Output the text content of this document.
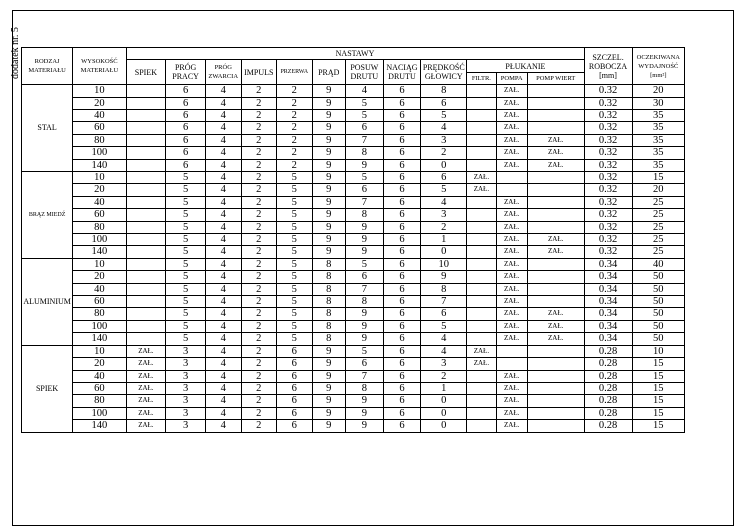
dodatek nr. 5	RODZAJ MATERIAŁU	WYSOKOŚĆ MATERIAŁU	NASTAWY												SZCZEL. ROBOCZA [mm]	OCZEKIWANA WYDAJNOŚĆ [mm²]
		SPIEK	PRÓG PRACY	PRÓG ZWARCIA	IMPULS	PRZERWA	PRĄD	POSUW DRUTU	NACIĄG DRUTU	PRĘDKOŚĆ GŁOWICY	PŁUKANIE				
											FILTR.	POMPA	POMP WIERT		
STAL	10		6	4	2	2	9	4	6	8		ZAŁ.		0.32	20
	20		6	4	2	2	9	5	6	6		ZAŁ.		0.32	30
	40		6	4	2	2	9	5	6	5		ZAŁ.		0.32	35
	60		6	4	2	2	9	6	6	4		ZAŁ.		0.32	35
	80		6	4	2	2	9	7	6	3		ZAŁ.	ZAŁ.	0.32	35
	100		6	4	2	2	9	8	6	2		ZAŁ.	ZAŁ.	0.32	35
	140		6	4	2	2	9	9	6	0		ZAŁ.	ZAŁ.	0.32	35
BRĄZ MIEDŹ	10		5	4	2	5	9	5	6	6	ZAŁ.			0.32	15
	20		5	4	2	5	9	6	6	5	ZAŁ.			0.32	20
	40		5	4	2	5	9	7	6	4		ZAŁ.		0.32	25
	60		5	4	2	5	9	8	6	3		ZAŁ.		0.32	25
	80		5	4	2	5	9	9	6	2		ZAŁ.		0.32	25
	100		5	4	2	5	9	9	6	1		ZAŁ.	ZAŁ.	0.32	25
	140		5	4	2	5	9	9	6	0		ZAŁ.	ZAŁ.	0.32	25
ALUMINIUM	10		5	4	2	5	8	5	6	10		ZAŁ.		0.34	40
	20		5	4	2	5	8	6	6	9		ZAŁ.		0.34	50
	40		5	4	2	5	8	7	6	8		ZAŁ.		0.34	50
	60		5	4	2	5	8	8	6	7		ZAŁ.		0.34	50
	80		5	4	2	5	8	9	6	6		ZAŁ.	ZAŁ.	0.34	50
	100		5	4	2	5	8	9	6	5		ZAŁ.	ZAŁ.	0.34	50
	140		5	4	2	5	8	9	6	4		ZAŁ.	ZAŁ.	0.34	50
SPIEK	10	ZAŁ.	3	4	2	6	9	5	6	4	ZAŁ.			0.28	10
	20	ZAŁ.	3	4	2	6	9	6	6	3	ZAŁ.			0.28	15
	40	ZAŁ.	3	4	2	6	9	7	6	2		ZAŁ.		0.28	15
	60	ZAŁ.	3	4	2	6	9	8	6	1		ZAŁ.		0.28	15
	80	ZAŁ.	3	4	2	6	9	9	6	0		ZAŁ.		0.28	15
	100	ZAŁ.	3	4	2	6	9	9	6	0		ZAŁ.		0.28	15
	140	ZAŁ.	3	4	2	6	9	9	6	0		ZAŁ.		0.28	15
